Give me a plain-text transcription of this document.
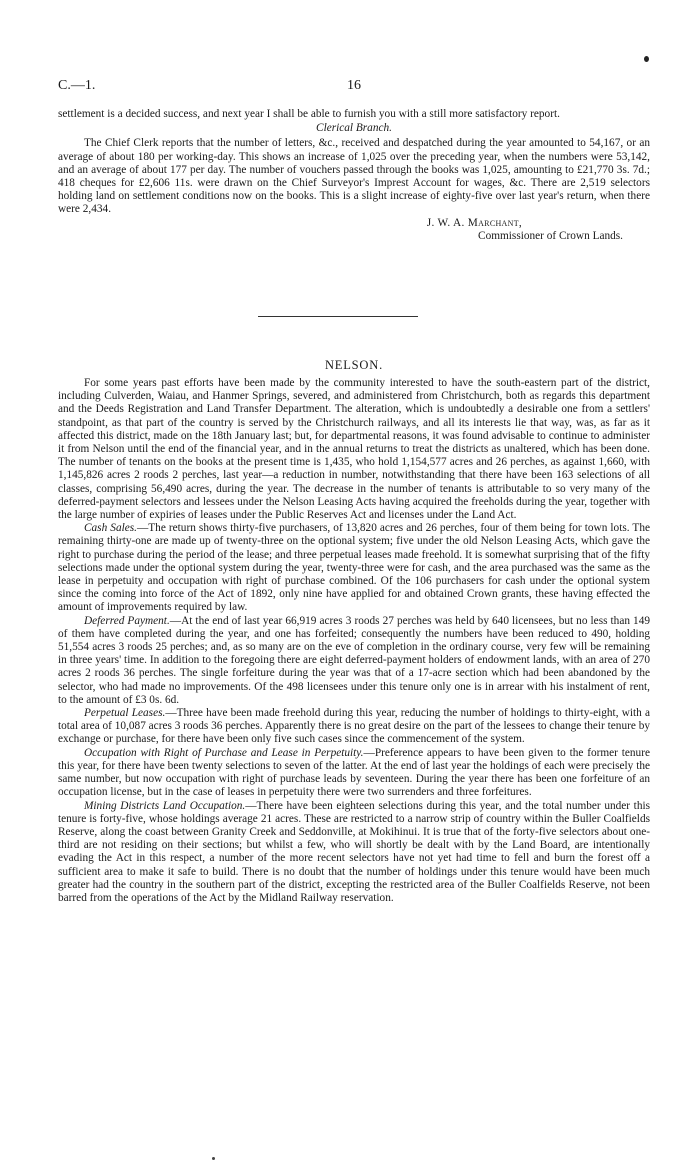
C.—1.	16

settlement is a decided success, and next year I shall be able to furnish you with a still more satisfactory report.

Clerical Branch.

The Chief Clerk reports that the number of letters, &c., received and despatched during the year amounted to 54,167, or an average of about 180 per working-day. This shows an increase of 1,025 over the preceding year, when the numbers were 53,142, and an average of about 177 per day. The number of vouchers passed through the books was 1,025, amounting to £21,770 3s. 7d.; 418 cheques for £2,606 11s. were drawn on the Chief Surveyor's Imprest Account for wages, &c. There are 2,519 selectors holding land on settlement conditions now on the books. This is a slight increase of eighty-five over last year's return, when there were 2,434.

J. W. A. Marchant,
Commissioner of Crown Lands.
NELSON.

For some years past efforts have been made by the community interested to have the south-eastern part of the district, including Culverden, Waiau, and Hanmer Springs, severed, and administered from Christchurch, both as regards this department and the Deeds Registration and Land Transfer Department. The alteration, which is undoubtedly a desirable one from a settlers' standpoint, as that part of the country is served by the Christchurch railways, and all its interests lie that way, was, as far as it affected this district, made on the 18th January last; but, for departmental reasons, it was found advisable to continue to administer it from Nelson until the end of the financial year, and in the annual returns to treat the districts as unaltered, which has been done. The number of tenants on the books at the present time is 1,435, who hold 1,154,577 acres and 26 perches, as against 1,660, with 1,145,826 acres 2 roods 2 perches, last year—a reduction in number, notwithstanding that there have been 163 selections of all classes, comprising 56,490 acres, during the year. The decrease in the number of tenants is attributable to so very many of the deferred-payment selectors and lessees under the Nelson Leasing Acts having acquired the freeholds during the year, together with the large number of expiries of leases under the Public Reserves Act and licenses under the Land Act.

Cash Sales.—The return shows thirty-five purchasers, of 13,820 acres and 26 perches, four of them being for town lots. The remaining thirty-one are made up of twenty-three on the optional system; five under the old Nelson Leasing Acts, which gave the right to purchase during the period of the lease; and three perpetual leases made freehold. It is somewhat surprising that of the fifty selections made under the optional system during the year, twenty-three were for cash, and the area purchased was the same as the lease in perpetuity and occupation with right of purchase combined. Of the 106 purchasers for cash under the optional system since the coming into force of the Act of 1892, only nine have applied for and obtained Crown grants, these having effected the amount of improvements required by law.

Deferred Payment.—At the end of last year 66,919 acres 3 roods 27 perches was held by 640 licensees, but no less than 149 of them have completed during the year, and one has forfeited; consequently the numbers have been reduced to 490, holding 51,554 acres 3 roods 25 perches; and, as so many are on the eve of completion in the ordinary course, very few will be remaining in three years' time. In addition to the foregoing there are eight deferred-payment holders of endowment lands, with an area of 270 acres 2 roods 36 perches. The single forfeiture during the year was that of a 17-acre section which had been abandoned by the selector, who had made no improvements. Of the 498 licensees under this tenure only one is in arrear with his instalment of rent, to the amount of £3 0s. 6d.

Perpetual Leases.—Three have been made freehold during this year, reducing the number of holdings to thirty-eight, with a total area of 10,087 acres 3 roods 36 perches. Apparently there is no great desire on the part of the lessees to change their tenure by exchange or purchase, for there have been only five such cases since the commencement of the system.

Occupation with Right of Purchase and Lease in Perpetuity.—Preference appears to have been given to the former tenure this year, for there have been twenty selections to seven of the latter. At the end of last year the holdings of each were precisely the same number, but now occupation with right of purchase leads by seventeen. During the year there has been one forfeiture of an occupation license, but in the case of leases in perpetuity there were two surrenders and three forfeitures.

Mining Districts Land Occupation.—There have been eighteen selections during this year, and the total number under this tenure is forty-five, whose holdings average 21 acres. These are restricted to a narrow strip of country within the Buller Coalfields Reserve, along the coast between Granity Creek and Seddonville, at Mokihinui. It is true that of the forty-five selectors about one-third are not residing on their sections; but whilst a few, who will shortly be dealt with by the Land Board, are intentionally evading the Act in this respect, a number of the more recent selectors have not yet had time to fell and burn the forest off a sufficient area to make it safe to build. There is no doubt that the number of holdings under this tenure would have been much greater had the country in the southern part of the district, excepting the restricted area of the Buller Coalfields Reserve, not been barred from the operations of the Act by the Midland Railway reservation.
